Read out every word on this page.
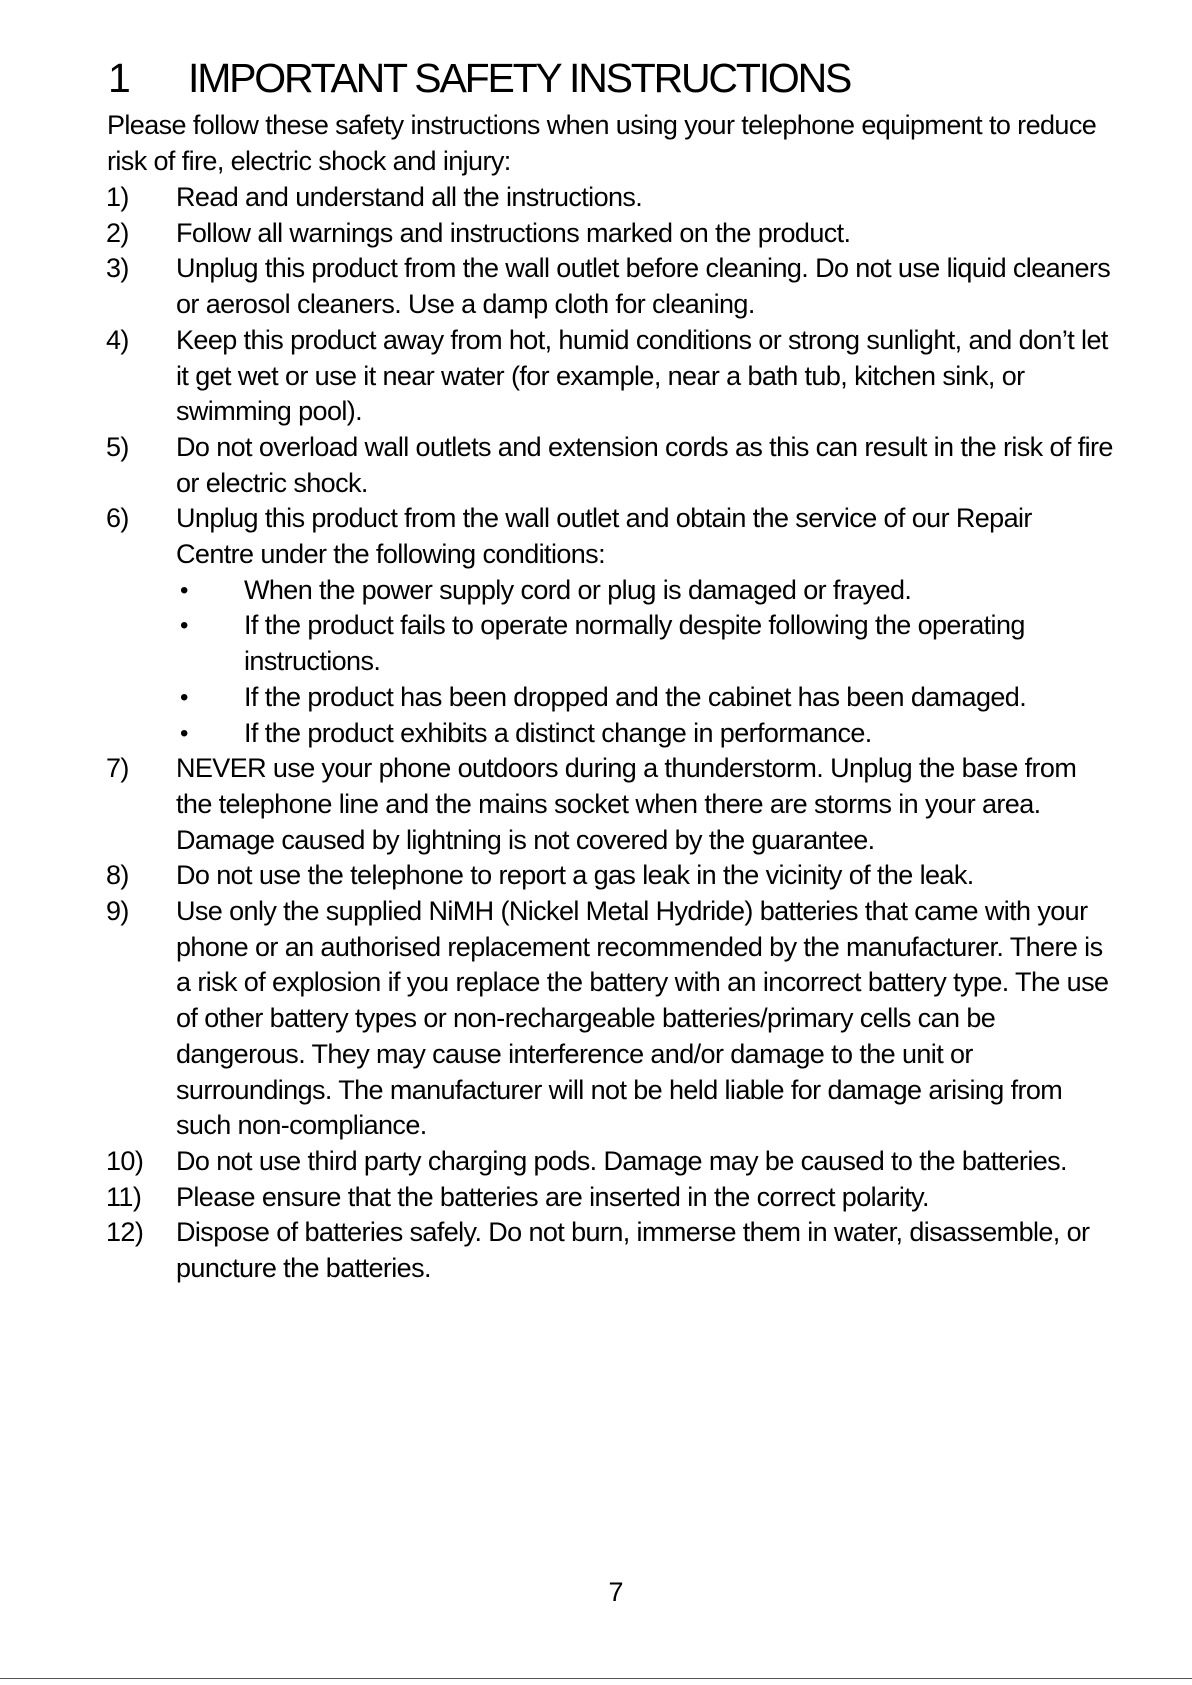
1 IMPORTANT SAFETY INSTRUCTIONS

Please follow these safety instructions when using your telephone equipment to reduce risk of fire, electric shock and injury:

1) Read and understand all the instructions.
2) Follow all warnings and instructions marked on the product.
3) Unplug this product from the wall outlet before cleaning. Do not use liquid cleaners or aerosol cleaners. Use a damp cloth for cleaning.
4) Keep this product away from hot, humid conditions or strong sunlight, and don’t let it get wet or use it near water (for example, near a bath tub, kitchen sink, or swimming pool).
5) Do not overload wall outlets and extension cords as this can result in the risk of fire or electric shock.
6) Unplug this product from the wall outlet and obtain the service of our Repair Centre under the following conditions:
• When the power supply cord or plug is damaged or frayed.
• If the product fails to operate normally despite following the operating instructions.
• If the product has been dropped and the cabinet has been damaged.
• If the product exhibits a distinct change in performance.
7) NEVER use your phone outdoors during a thunderstorm. Unplug the base from the telephone line and the mains socket when there are storms in your area. Damage caused by lightning is not covered by the guarantee.
8) Do not use the telephone to report a gas leak in the vicinity of the leak.
9) Use only the supplied NiMH (Nickel Metal Hydride) batteries that came with your phone or an authorised replacement recommended by the manufacturer. There is a risk of explosion if you replace the battery with an incorrect battery type. The use of other battery types or non-rechargeable batteries/primary cells can be dangerous. They may cause interference and/or damage to the unit or surroundings. The manufacturer will not be held liable for damage arising from such non-compliance.
10) Do not use third party charging pods. Damage may be caused to the batteries.
11) Please ensure that the batteries are inserted in the correct polarity.
12) Dispose of batteries safely. Do not burn, immerse them in water, disassemble, or puncture the batteries.
7
